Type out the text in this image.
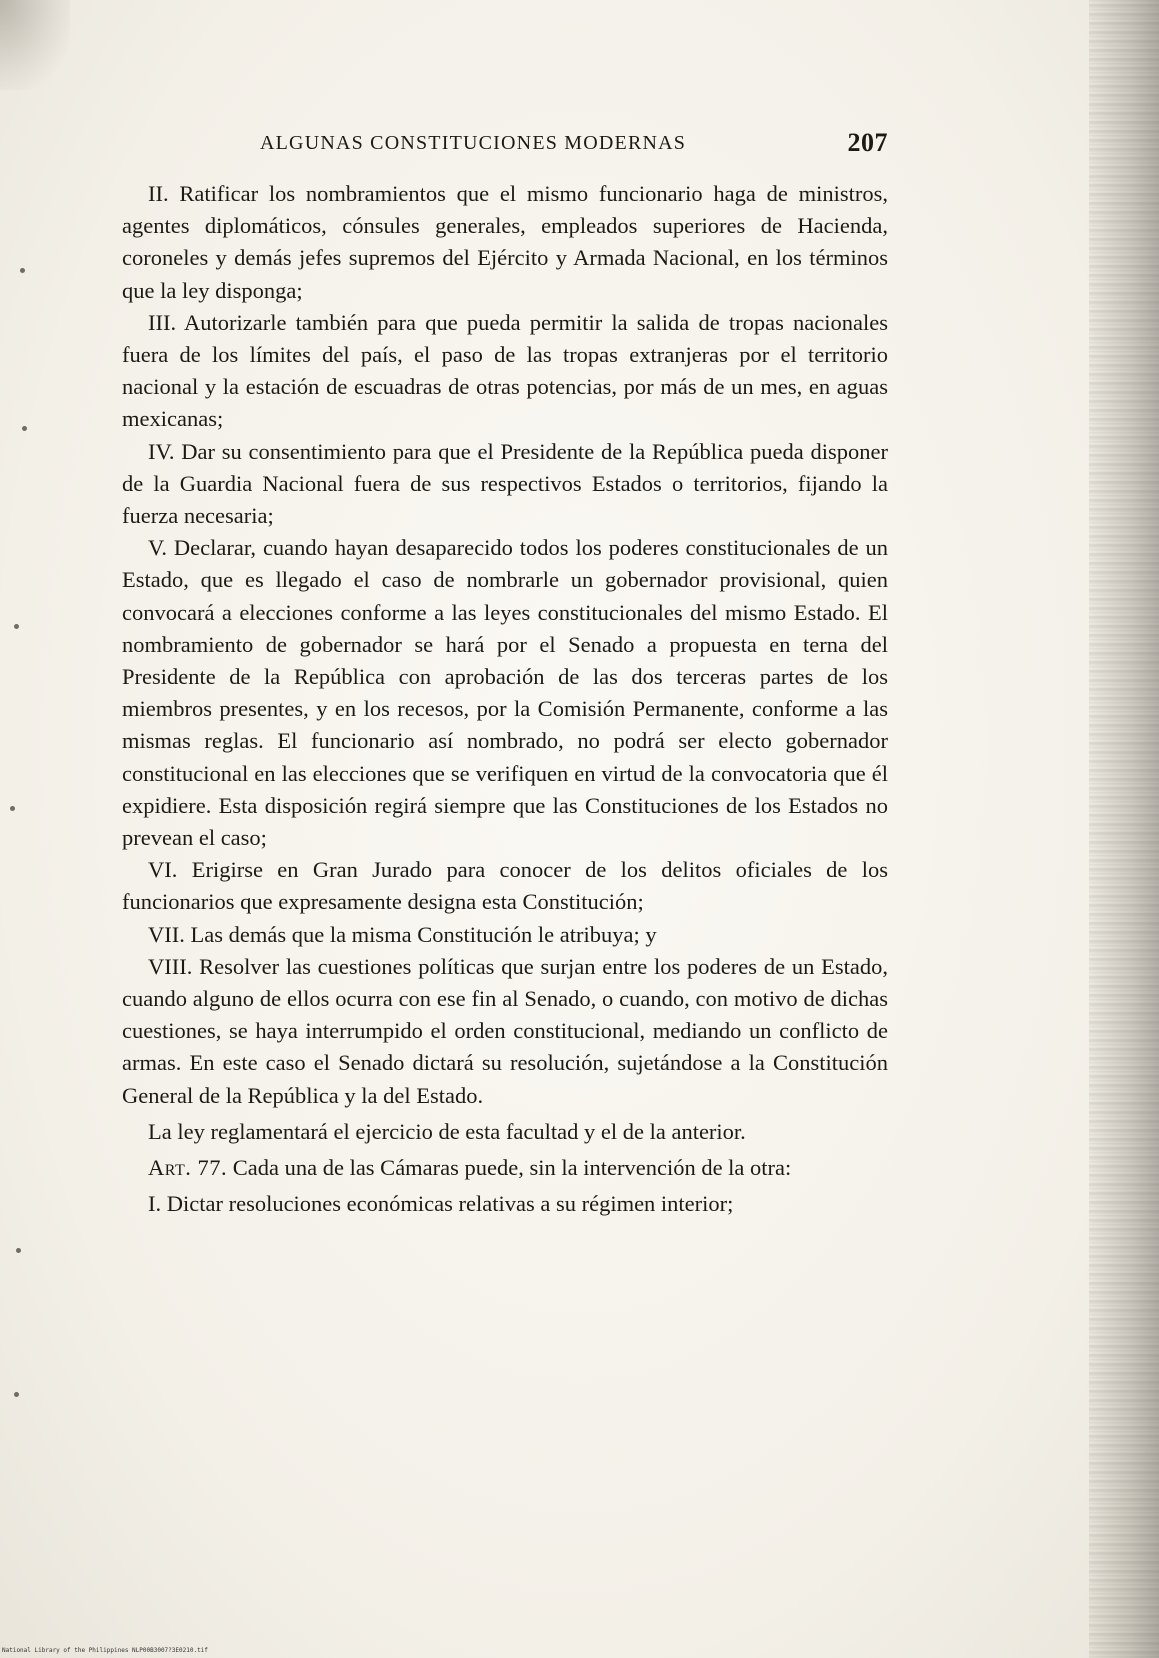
ALGUNAS CONSTITUCIONES MODERNAS	207

II. Ratificar los nombramientos que el mismo funcionario haga de ministros, agentes diplomáticos, cónsules generales, empleados superiores de Hacienda, coroneles y demás jefes supremos del Ejército y Armada Nacional, en los términos que la ley disponga;

III. Autorizarle también para que pueda permitir la salida de tropas nacionales fuera de los límites del país, el paso de las tropas extranjeras por el territorio nacional y la estación de escuadras de otras potencias, por más de un mes, en aguas mexicanas;

IV. Dar su consentimiento para que el Presidente de la República pueda disponer de la Guardia Nacional fuera de sus respectivos Estados o territorios, fijando la fuerza necesaria;

V. Declarar, cuando hayan desaparecido todos los poderes constitucionales de un Estado, que es llegado el caso de nombrarle un gobernador provisional, quien convocará a elecciones conforme a las leyes constitucionales del mismo Estado. El nombramiento de gobernador se hará por el Senado a propuesta en terna del Presidente de la República con aprobación de las dos terceras partes de los miembros presentes, y en los recesos, por la Comisión Permanente, conforme a las mismas reglas. El funcionario así nombrado, no podrá ser electo gobernador constitucional en las elecciones que se verifiquen en virtud de la convocatoria que él expidiere. Esta disposición regirá siempre que las Constituciones de los Estados no prevean el caso;

VI. Erigirse en Gran Jurado para conocer de los delitos oficiales de los funcionarios que expresamente designa esta Constitución;

VII. Las demás que la misma Constitución le atribuya; y

VIII. Resolver las cuestiones políticas que surjan entre los poderes de un Estado, cuando alguno de ellos ocurra con ese fin al Senado, o cuando, con motivo de dichas cuestiones, se haya interrumpido el orden constitucional, mediando un conflicto de armas. En este caso el Senado dictará su resolución, sujetándose a la Constitución General de la República y la del Estado.

La ley reglamentará el ejercicio de esta facultad y el de la anterior.

Art. 77. Cada una de las Cámaras puede, sin la intervención de la otra:

I. Dictar resoluciones económicas relativas a su régimen interior;

National Library of the Philippines NLP00B3007?3E0210.tif
